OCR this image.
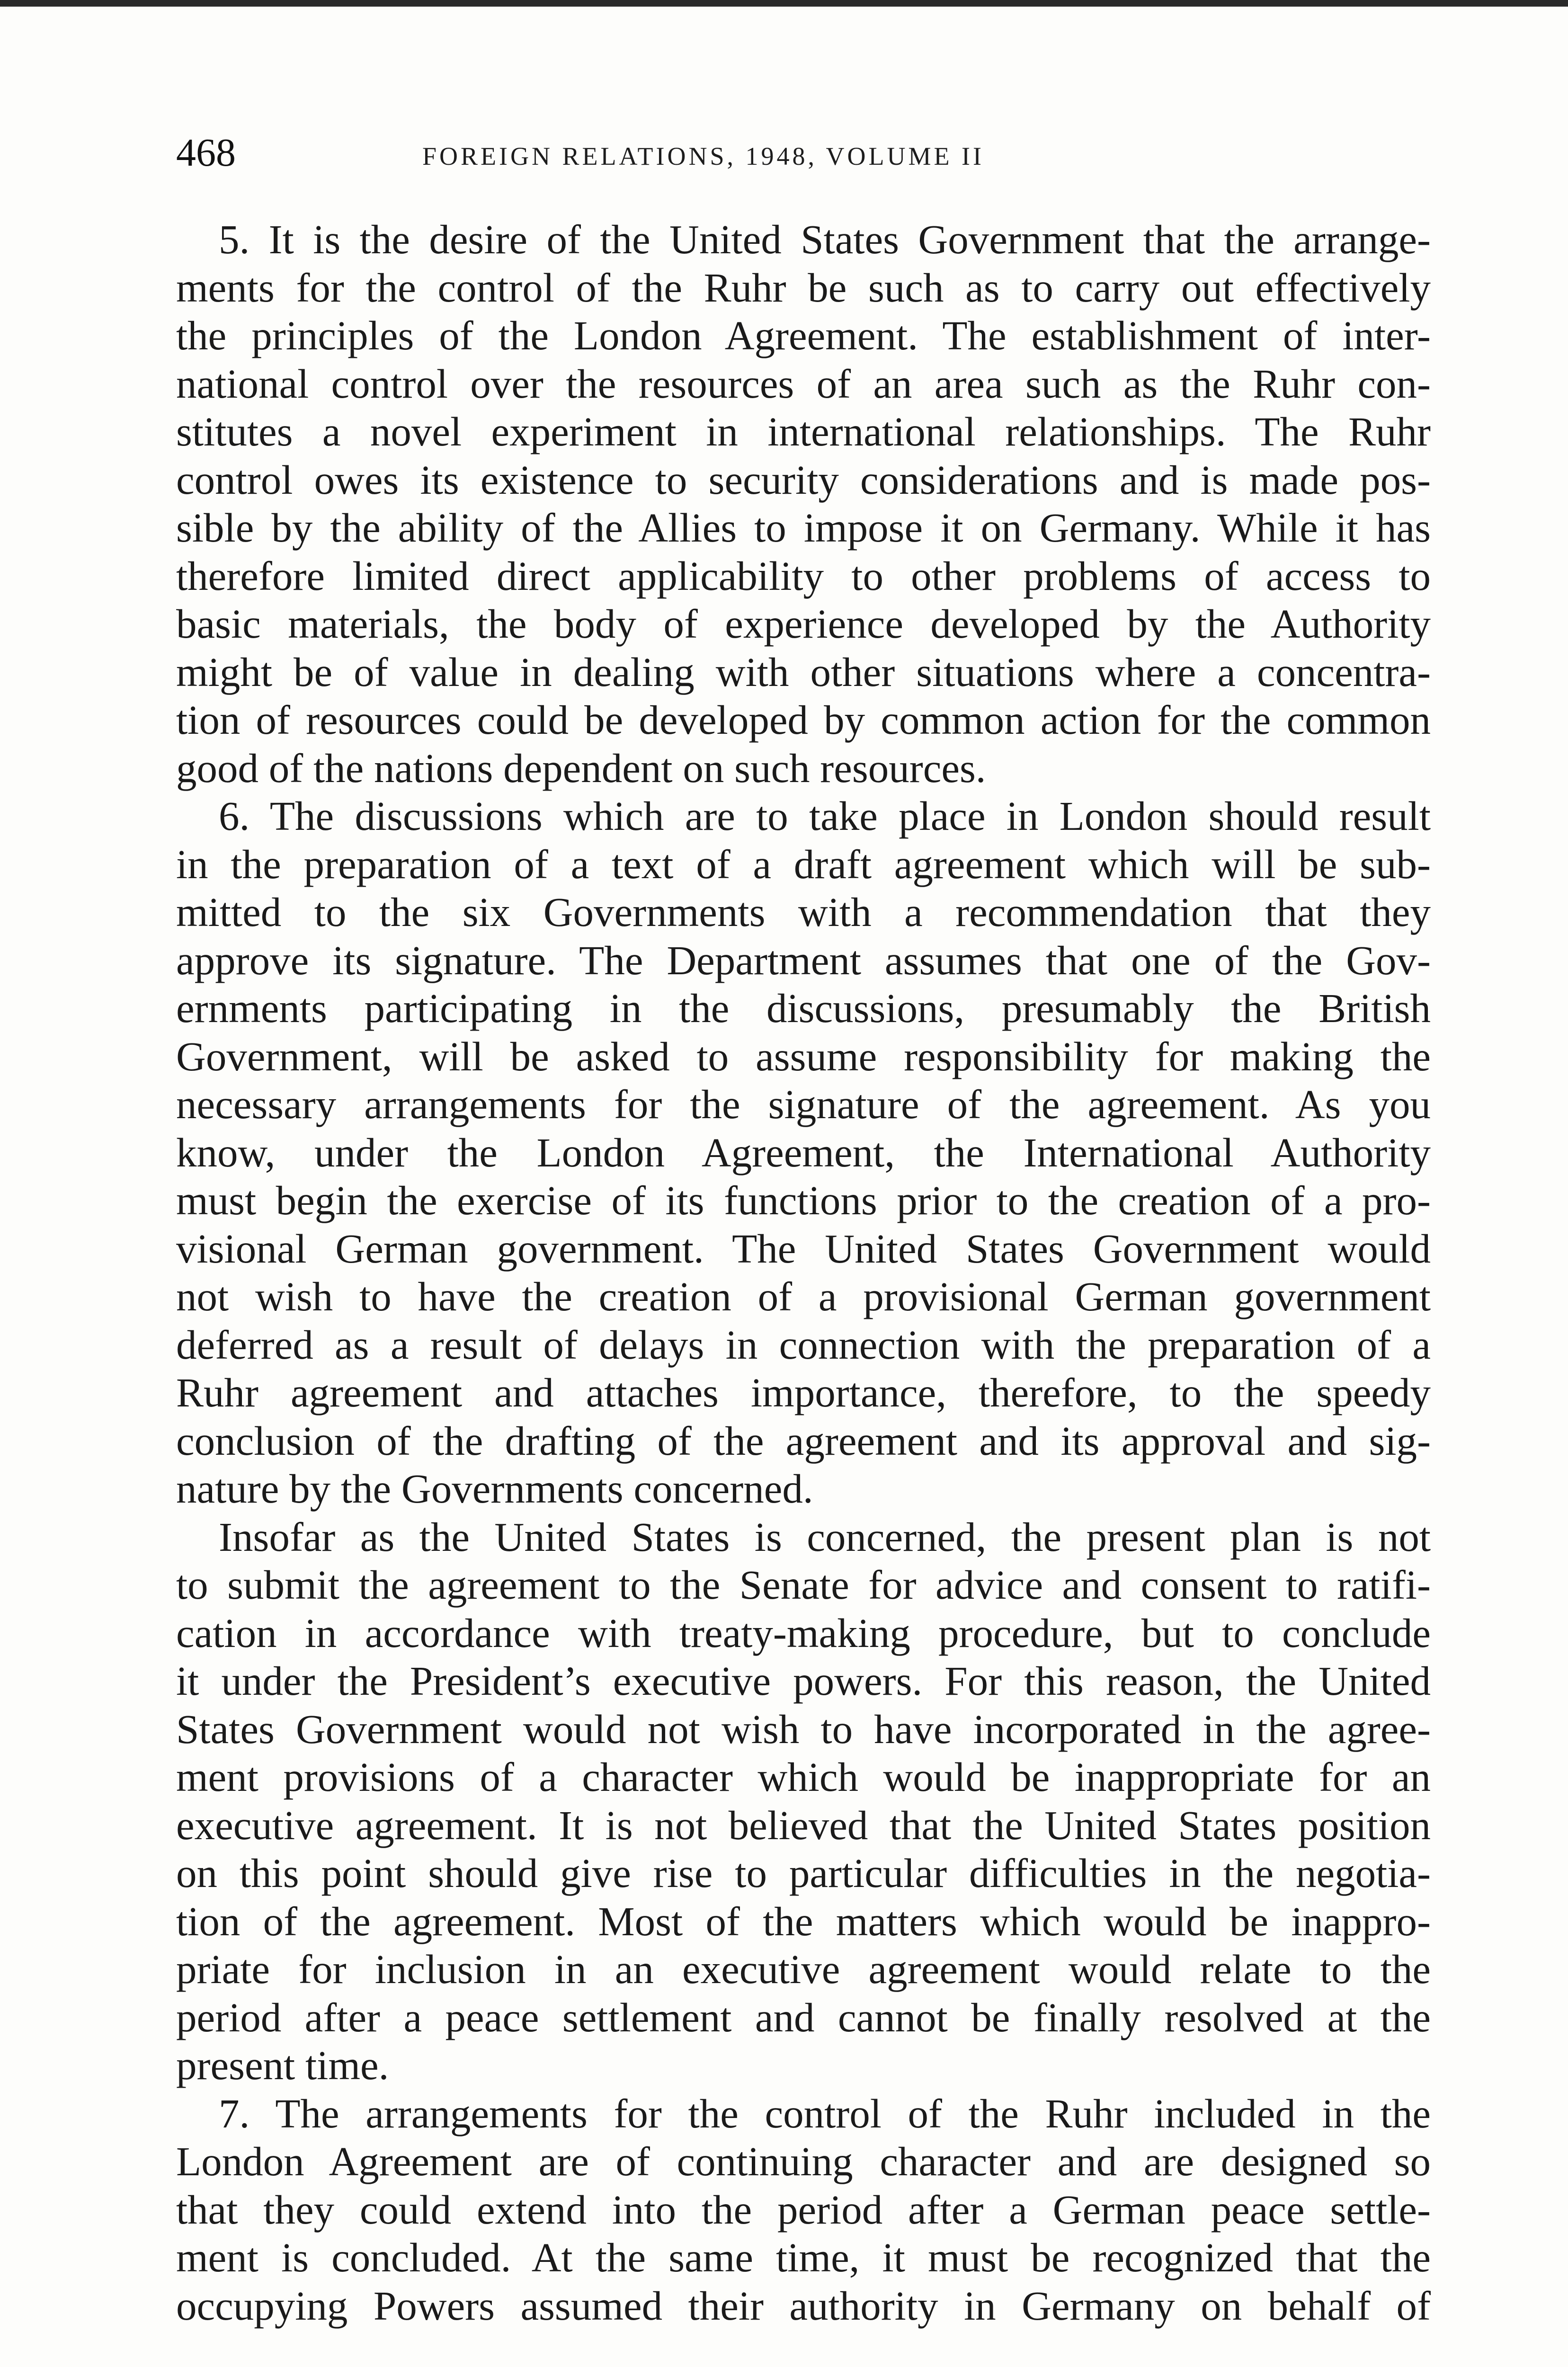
468	FOREIGN RELATIONS, 1948, VOLUME II
5. It is the desire of the United States Government that the arrange-
ments for the control of the Ruhr be such as to carry out effectively
the principles of the London Agreement. The establishment of inter-
national control over the resources of an area such as the Ruhr con-
stitutes a novel experiment in international relationships. The Ruhr
control owes its existence to security considerations and is made pos-
sible by the ability of the Allies to impose it on Germany. While it has
therefore limited direct applicability to other problems of access to
basic materials, the body of experience developed by the Authority
might be of value in dealing with other situations where a concentra-
tion of resources could be developed by common action for the common
good of the nations dependent on such resources.
6. The discussions which are to take place in London should result
in the preparation of a text of a draft agreement which will be sub-
mitted to the six Governments with a recommendation that they
approve its signature. The Department assumes that one of the Gov-
ernments participating in the discussions, presumably the British
Government, will be asked to assume responsibility for making the
necessary arrangements for the signature of the agreement. As you
know, under the London Agreement, the International Authority
must begin the exercise of its functions prior to the creation of a pro-
visional German government. The United States Government would
not wish to have the creation of a provisional German government
deferred as a result of delays in connection with the preparation of a
Ruhr agreement and attaches importance, therefore, to the speedy
conclusion of the drafting of the agreement and its approval and sig-
nature by the Governments concerned.
Insofar as the United States is concerned, the present plan is not
to submit the agreement to the Senate for advice and consent to ratifi-
cation in accordance with treaty-making procedure, but to conclude
it under the President’s executive powers. For this reason, the United
States Government would not wish to have incorporated in the agree-
ment provisions of a character which would be inappropriate for an
executive agreement. It is not believed that the United States position
on this point should give rise to particular difficulties in the negotia-
tion of the agreement. Most of the matters which would be inappro-
priate for inclusion in an executive agreement would relate to the
period after a peace settlement and cannot be finally resolved at the
present time.
7. The arrangements for the control of the Ruhr included in the
London Agreement are of continuing character and are designed so
that they could extend into the period after a German peace settle-
ment is concluded. At the same time, it must be recognized that the
occupying Powers assumed their authority in Germany on behalf of
